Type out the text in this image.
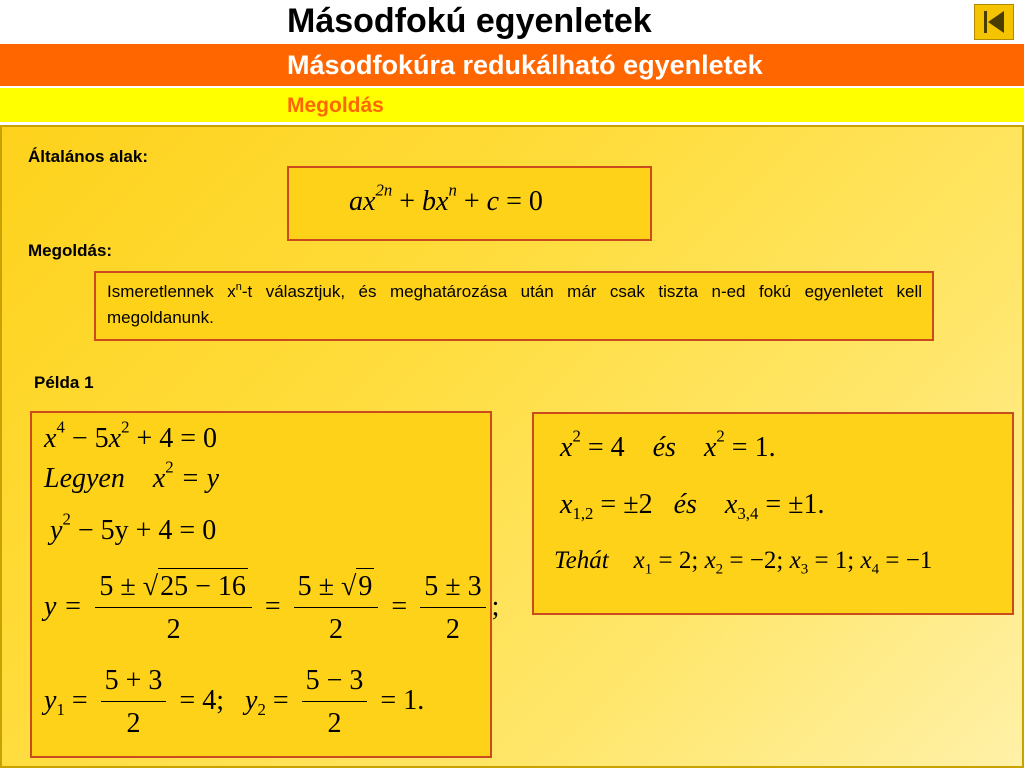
Másodfokú egyenletek
Másodfokúra redukálható egyenletek
Megoldás
Általános alak:
$ax^{2n} + bx^n + c = 0$
Megoldás:
Ismeretlennek $x^n-t$ választjuk, és meghatározása után már csak tiszta n-ed fokú egyenletet kell megoldanunk.
Példa 1
$x^4 - 5x^2 + 4 = 0$
Legyen $x^2 = y$
$y^2 - 5y + 4 = 0$
$y = \frac{5 \pm √25 - 16}{2} = \frac{5 \pm √9}{2} = \frac{5 \pm 3}{2}$ ;
$y_1 = \frac{5 + 3}{2} = 4$; $y_2 = \frac{5 - 3}{2} = 1$.
$x^2 = 4$ és $x^2 = 1$.
$x_{1,2} = \pm 2$ és $x_{3,4} = \pm 1$.
Tehát $x_1 = 2$; $x_2 = -2$; $x_3 = 1$; $x_4 = -1$
